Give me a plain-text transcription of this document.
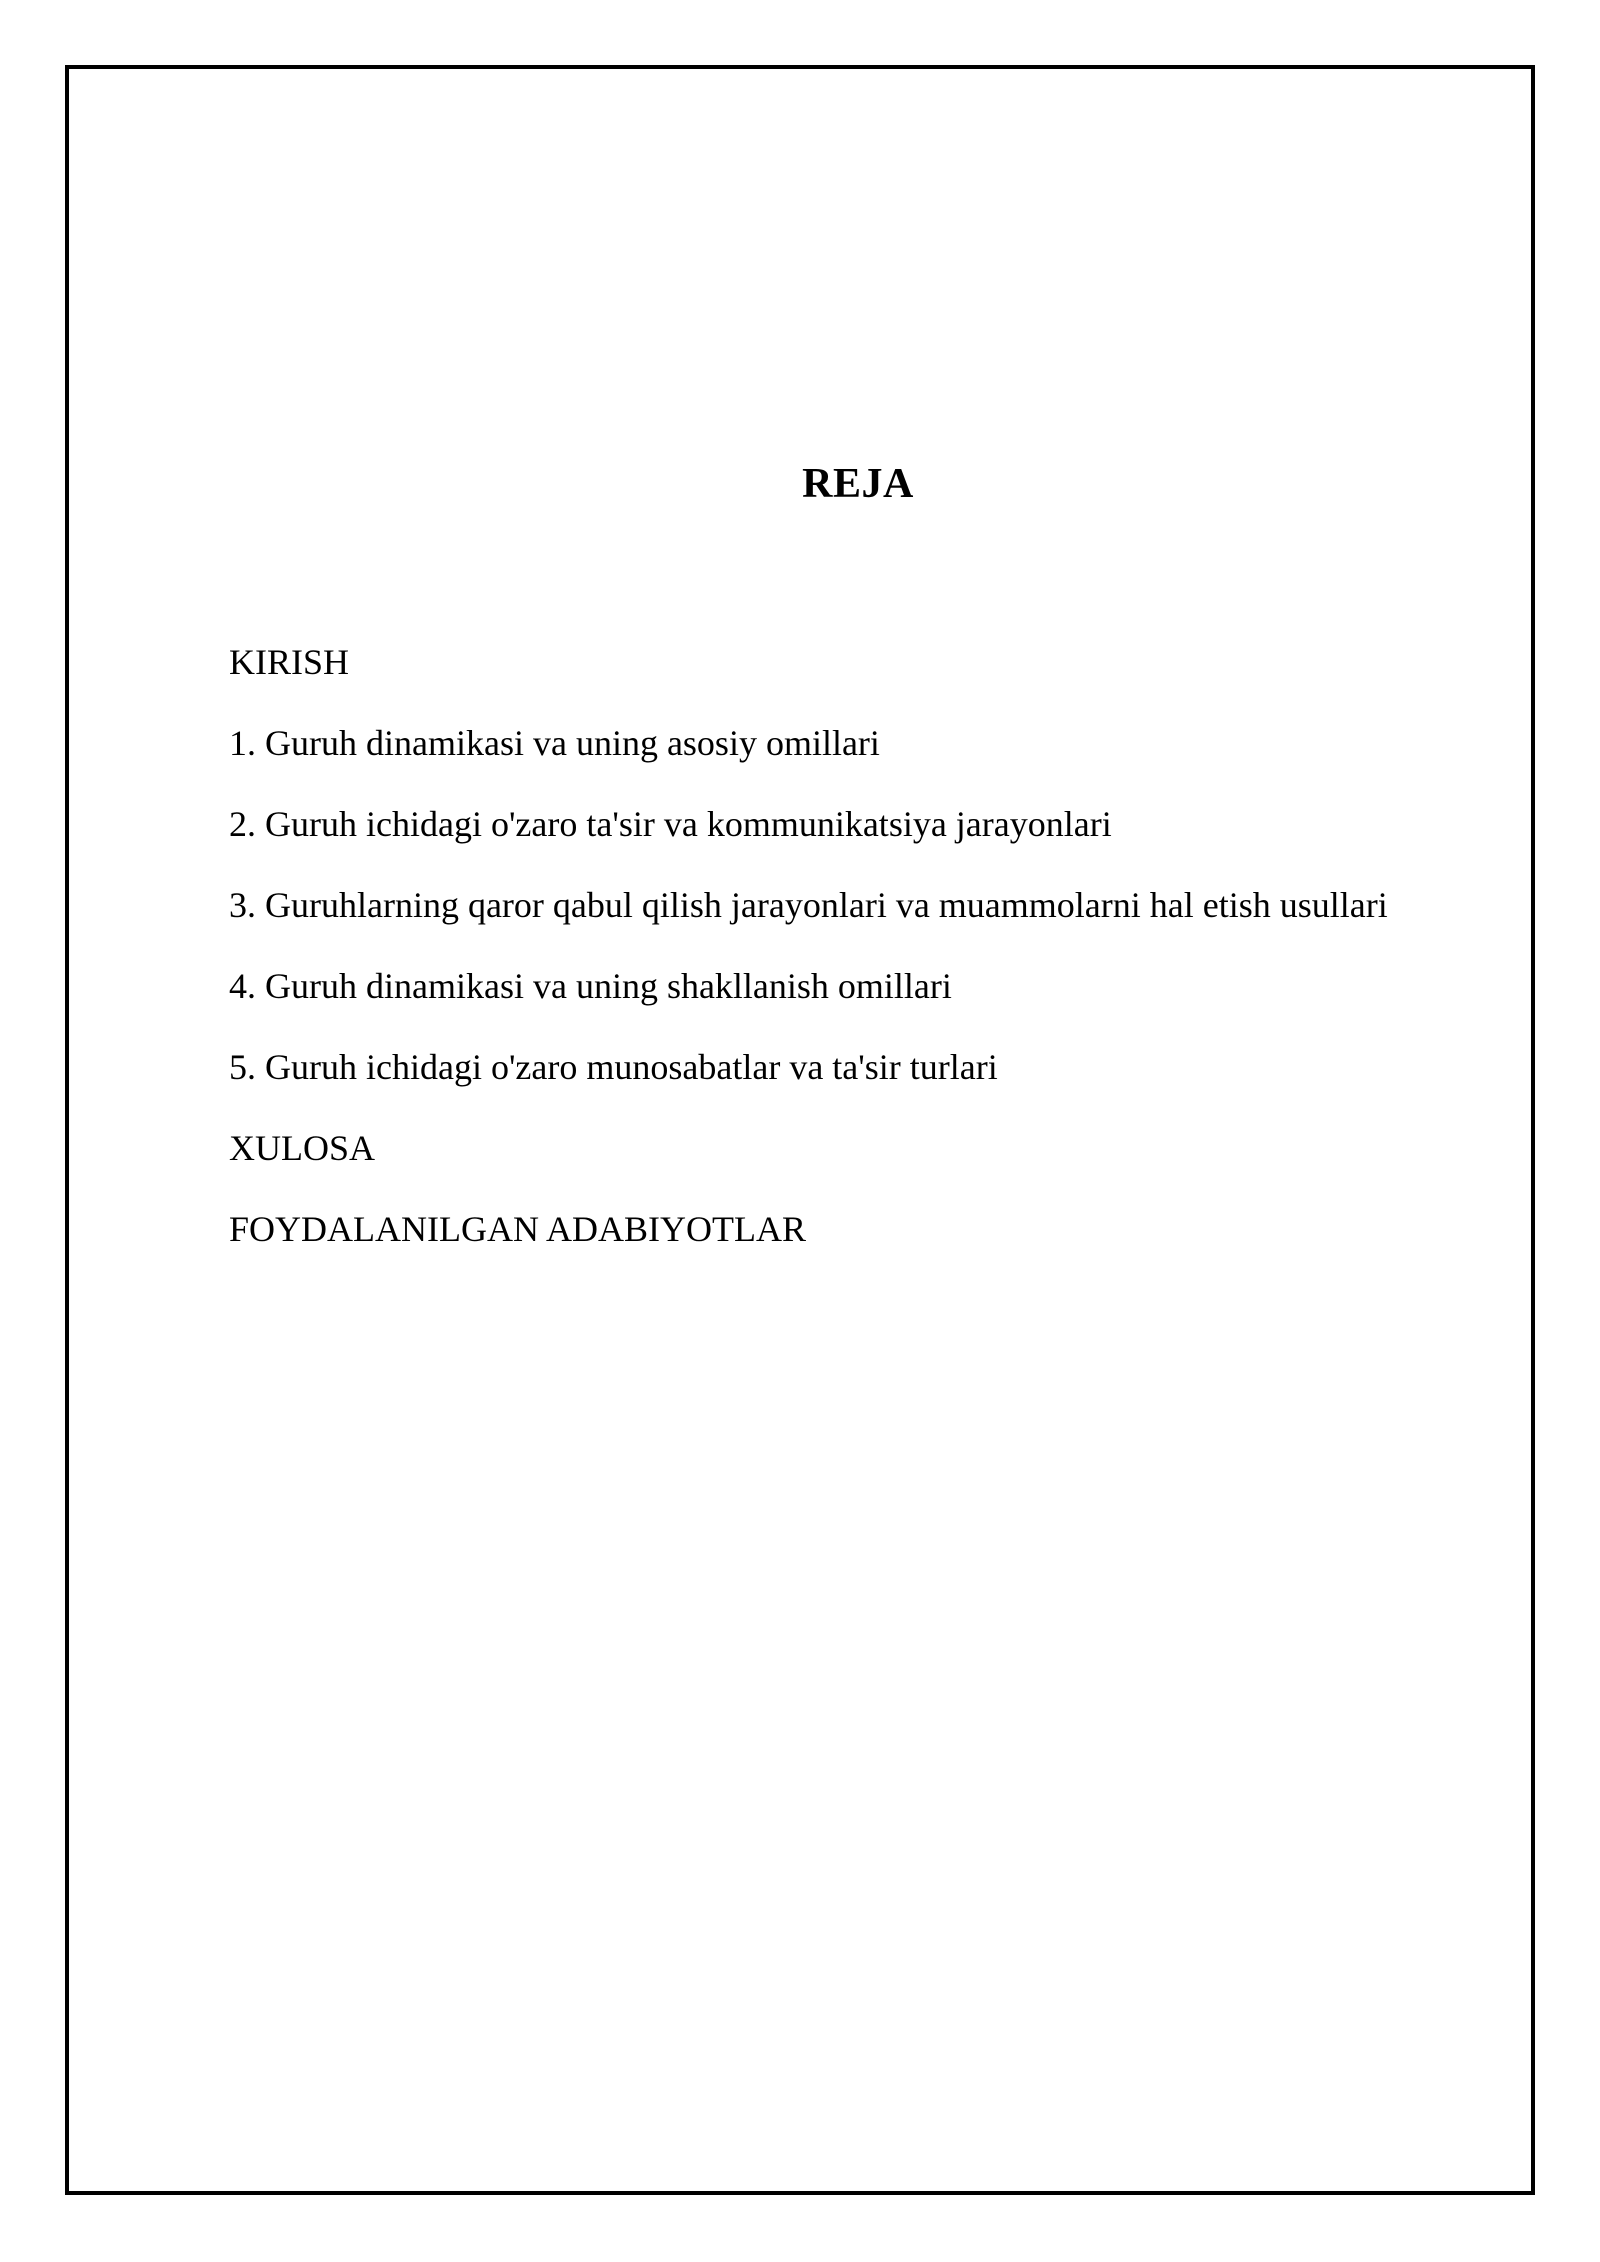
REJA
KIRISH
1. Guruh dinamikasi va uning asosiy omillari
2. Guruh ichidagi o'zaro ta'sir va kommunikatsiya jarayonlari
3. Guruhlarning qaror qabul qilish jarayonlari va muammolarni hal etish usullari
4. Guruh dinamikasi va uning shakllanish omillari
5. Guruh ichidagi o'zaro munosabatlar va ta'sir turlari
XULOSA
FOYDALANILGAN ADABIYOTLAR
